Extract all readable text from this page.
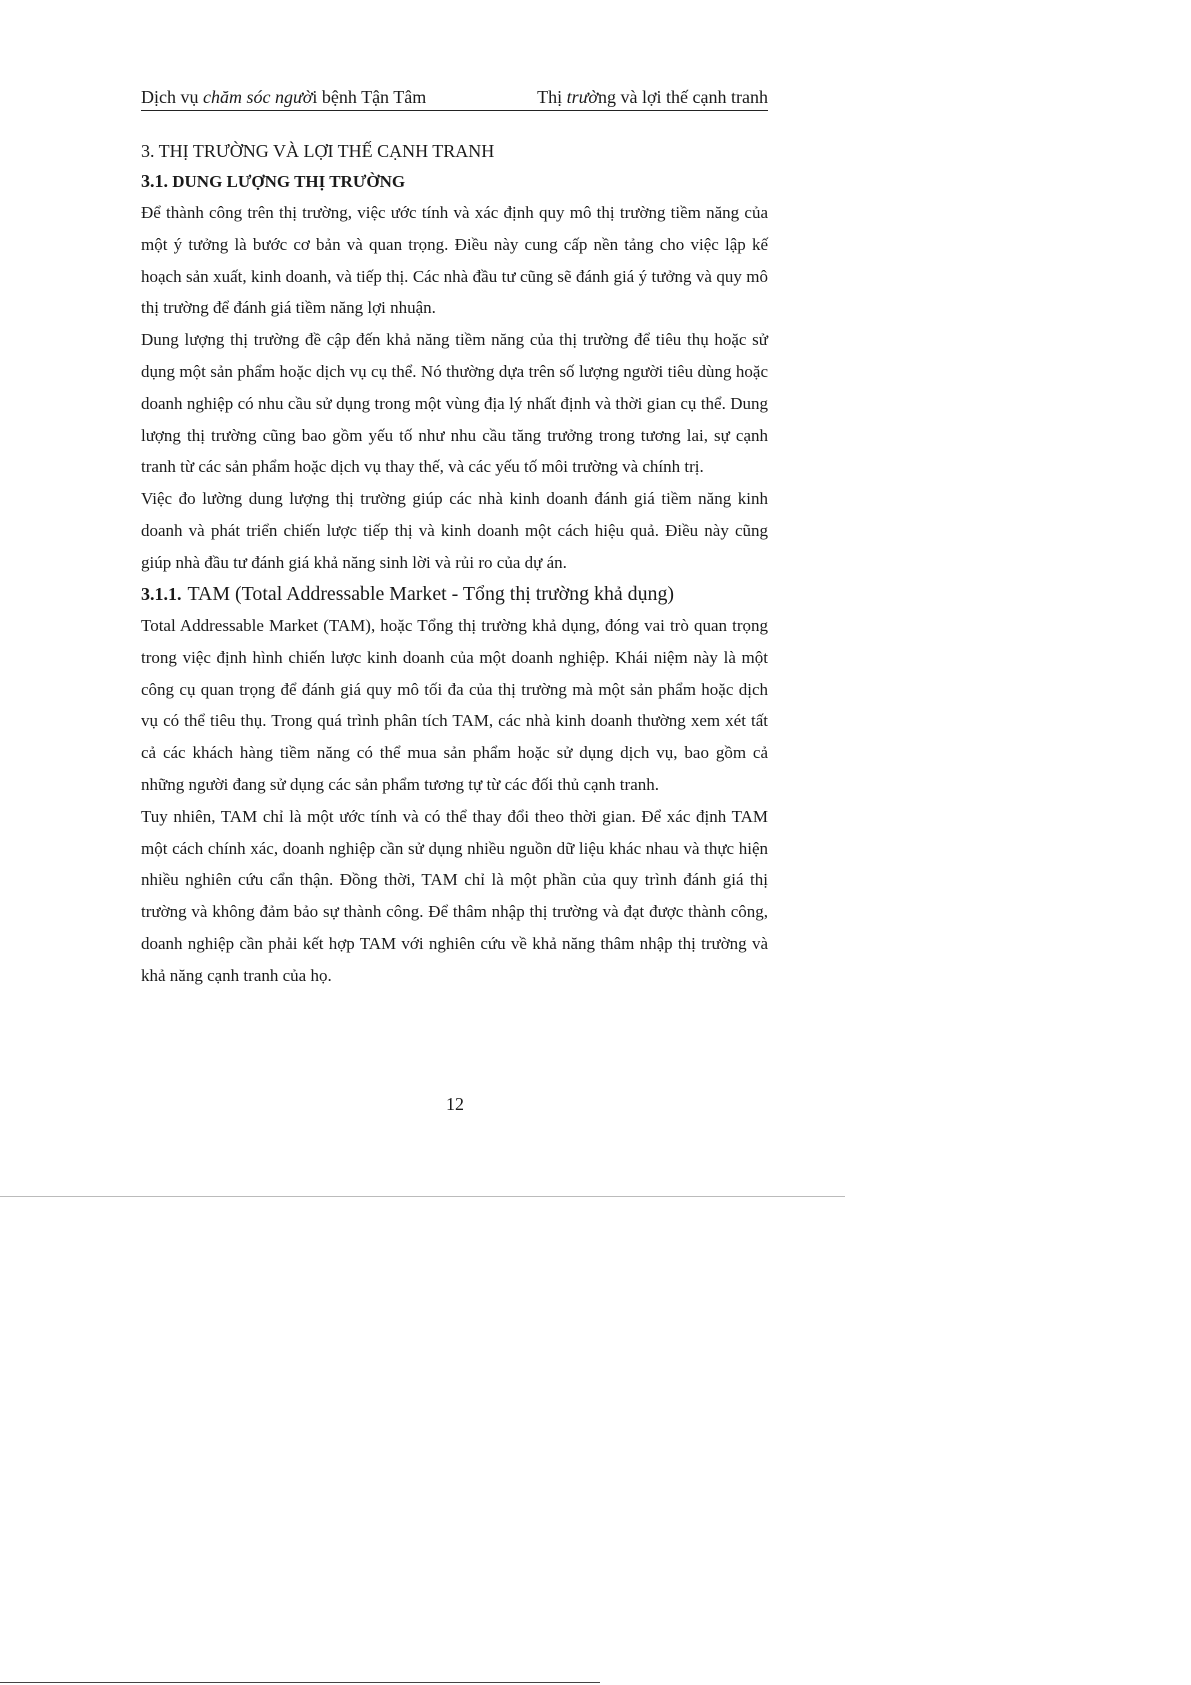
Dịch vụ chăm sóc người bệnh Tận Tâm	Thị trường và lợi thế cạnh tranh
3. THỊ TRƯỜNG VÀ LỢI THẾ CẠNH TRANH
3.1. DUNG LƯỢNG THỊ TRƯỜNG

Để thành công trên thị trường, việc ước tính và xác định quy mô thị trường tiềm năng của một ý tưởng là bước cơ bản và quan trọng. Điều này cung cấp nền tảng cho việc lập kế hoạch sản xuất, kinh doanh, và tiếp thị. Các nhà đầu tư cũng sẽ đánh giá ý tưởng và quy mô thị trường để đánh giá tiềm năng lợi nhuận.

Dung lượng thị trường đề cập đến khả năng tiềm năng của thị trường để tiêu thụ hoặc sử dụng một sản phẩm hoặc dịch vụ cụ thể. Nó thường dựa trên số lượng người tiêu dùng hoặc doanh nghiệp có nhu cầu sử dụng trong một vùng địa lý nhất định và thời gian cụ thể. Dung lượng thị trường cũng bao gồm yếu tố như nhu cầu tăng trưởng trong tương lai, sự cạnh tranh từ các sản phẩm hoặc dịch vụ thay thế, và các yếu tố môi trường và chính trị.

Việc đo lường dung lượng thị trường giúp các nhà kinh doanh đánh giá tiềm năng kinh doanh và phát triển chiến lược tiếp thị và kinh doanh một cách hiệu quả. Điều này cũng giúp nhà đầu tư đánh giá khả năng sinh lời và rủi ro của dự án.

3.1.1. TAM (Total Addressable Market - Tổng thị trường khả dụng)

Total Addressable Market (TAM), hoặc Tổng thị trường khả dụng, đóng vai trò quan trọng trong việc định hình chiến lược kinh doanh của một doanh nghiệp. Khái niệm này là một công cụ quan trọng để đánh giá quy mô tối đa của thị trường mà một sản phẩm hoặc dịch vụ có thể tiêu thụ. Trong quá trình phân tích TAM, các nhà kinh doanh thường xem xét tất cả các khách hàng tiềm năng có thể mua sản phẩm hoặc sử dụng dịch vụ, bao gồm cả những người đang sử dụng các sản phẩm tương tự từ các đối thủ cạnh tranh.

Tuy nhiên, TAM chỉ là một ước tính và có thể thay đổi theo thời gian. Để xác định TAM một cách chính xác, doanh nghiệp cần sử dụng nhiều nguồn dữ liệu khác nhau và thực hiện nhiều nghiên cứu cẩn thận. Đồng thời, TAM chỉ là một phần của quy trình đánh giá thị trường và không đảm bảo sự thành công. Để thâm nhập thị trường và đạt được thành công, doanh nghiệp cần phải kết hợp TAM với nghiên cứu về khả năng thâm nhập thị trường và khả năng cạnh tranh của họ.

12
